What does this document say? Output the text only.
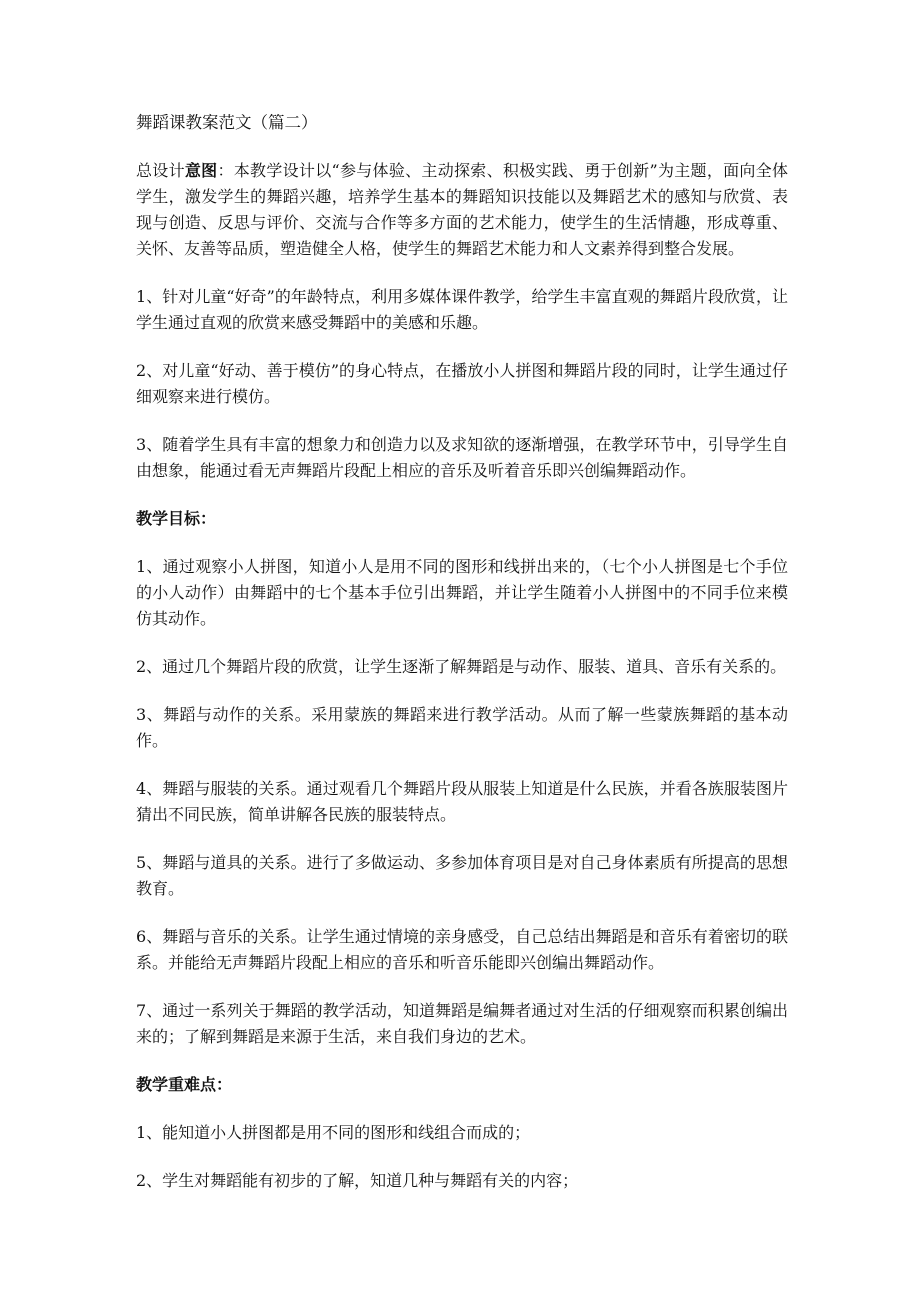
舞蹈课教案范文（篇二）

总设计意图：本教学设计以“参与体验、主动探索、积极实践、勇于创新”为主题，面向全体学生，激发学生的舞蹈兴趣，培养学生基本的舞蹈知识技能以及舞蹈艺术的感知与欣赏、表现与创造、反思与评价、交流与合作等多方面的艺术能力，使学生的生活情趣，形成尊重、关怀、友善等品质，塑造健全人格，使学生的舞蹈艺术能力和人文素养得到整合发展。

1、针对儿童“好奇”的年龄特点，利用多媒体课件教学，给学生丰富直观的舞蹈片段欣赏，让学生通过直观的欣赏来感受舞蹈中的美感和乐趣。

2、对儿童“好动、善于模仿”的身心特点，在播放小人拼图和舞蹈片段的同时，让学生通过仔细观察来进行模仿。

3、随着学生具有丰富的想象力和创造力以及求知欲的逐渐增强，在教学环节中，引导学生自由想象，能通过看无声舞蹈片段配上相应的音乐及听着音乐即兴创编舞蹈动作。

教学目标：

1、通过观察小人拼图，知道小人是用不同的图形和线拼出来的，（七个小人拼图是七个手位的小人动作）由舞蹈中的七个基本手位引出舞蹈，并让学生随着小人拼图中的不同手位来模仿其动作。

2、通过几个舞蹈片段的欣赏，让学生逐渐了解舞蹈是与动作、服装、道具、音乐有关系的。

3、舞蹈与动作的关系。采用蒙族的舞蹈来进行教学活动。从而了解一些蒙族舞蹈的基本动作。

4、舞蹈与服装的关系。通过观看几个舞蹈片段从服装上知道是什么民族，并看各族服装图片猜出不同民族，简单讲解各民族的服装特点。

5、舞蹈与道具的关系。进行了多做运动、多参加体育项目是对自己身体素质有所提高的思想教育。

6、舞蹈与音乐的关系。让学生通过情境的亲身感受，自己总结出舞蹈是和音乐有着密切的联系。并能给无声舞蹈片段配上相应的音乐和听音乐能即兴创编出舞蹈动作。

7、通过一系列关于舞蹈的教学活动，知道舞蹈是编舞者通过对生活的仔细观察而积累创编出来的；了解到舞蹈是来源于生活，来自我们身边的艺术。

教学重难点：

1、能知道小人拼图都是用不同的图形和线组合而成的；

2、学生对舞蹈能有初步的了解，知道几种与舞蹈有关的内容；
